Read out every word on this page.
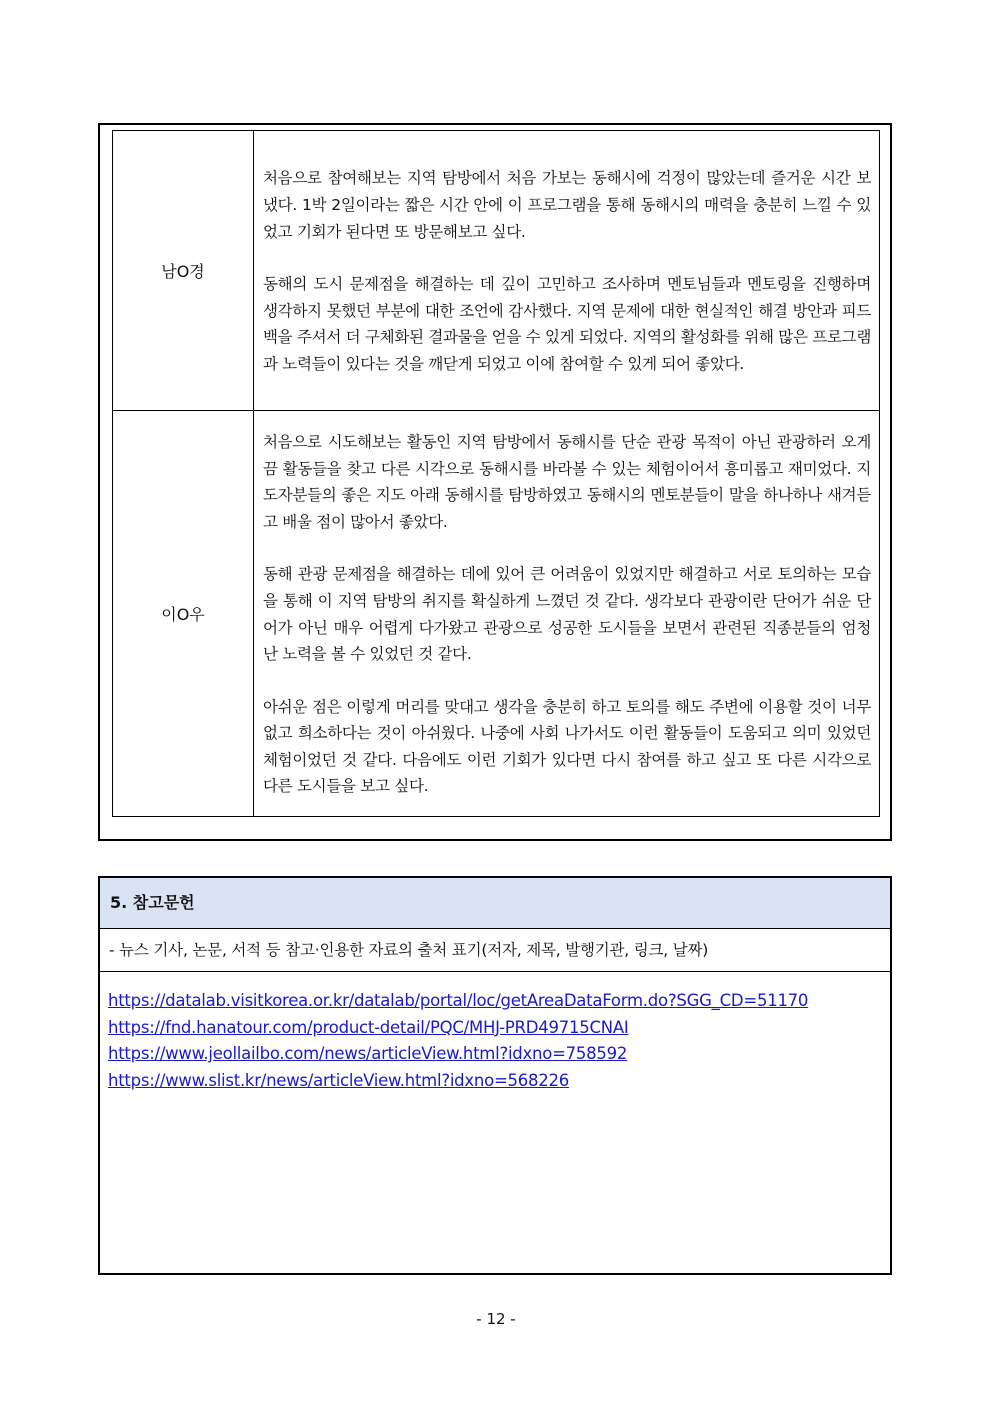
남O경	처음으로 참여해보는 지역 탐방에서 처음 가보는 동해시에 걱정이 많았는데 즐거운 시간 보냈다. 1박 2일이라는 짧은 시간 안에 이 프로그램을 통해 동해시의 매력을 충분히 느낄 수 있었고 기회가 된다면 또 방문해보고 싶다.

동해의 도시 문제점을 해결하는 데 깊이 고민하고 조사하며 멘토님들과 멘토링을 진행하며 생각하지 못했던 부분에 대한 조언에 감사했다. 지역 문제에 대한 현실적인 해결 방안과 피드백을 주셔서 더 구체화된 결과물을 얻을 수 있게 되었다. 지역의 활성화를 위해 많은 프로그램과 노력들이 있다는 것을 깨닫게 되었고 이에 참여할 수 있게 되어 좋았다.

이O우	처음으로 시도해보는 활동인 지역 탐방에서 동해시를 단순 관광 목적이 아닌 관광하러 오게끔 활동들을 찾고 다른 시각으로 동해시를 바라볼 수 있는 체험이어서 흥미롭고 재미었다. 지도자분들의 좋은 지도 아래 동해시를 탐방하였고 동해시의 멘토분들이 말을 하나하나 새겨듣고 배울 점이 많아서 좋았다.

동해 관광 문제점을 해결하는 데에 있어 큰 어려움이 있었지만 해결하고 서로 토의하는 모습을 통해 이 지역 탐방의 취지를 확실하게 느꼈던 것 같다. 생각보다 관광이란 단어가 쉬운 단어가 아닌 매우 어렵게 다가왔고 관광으로 성공한 도시들을 보면서 관련된 직종분들의 엄청난 노력을 볼 수 있었던 것 같다.

아쉬운 점은 이렇게 머리를 맞대고 생각을 충분히 하고 토의를 해도 주변에 이용할 것이 너무 없고 희소하다는 것이 아쉬웠다. 나중에 사회 나가서도 이런 활동들이 도움되고 의미 있었던 체험이었던 것 같다. 다음에도 이런 기회가 있다면 다시 참여를 하고 싶고 또 다른 시각으로 다른 도시들을 보고 싶다.

5. 참고문헌
- 뉴스 기사, 논문, 서적 등 참고·인용한 자료의 출처 표기(저자, 제목, 발행기관, 링크, 날짜)
https://datalab.visitkorea.or.kr/datalab/portal/loc/getAreaDataForm.do?SGG_CD=51170
https://fnd.hanatour.com/product-detail/PQC/MHJ-PRD49715CNAI
https://www.jeollailbo.com/news/articleView.html?idxno=758592
https://www.slist.kr/news/articleView.html?idxno=568226
- 12 -
